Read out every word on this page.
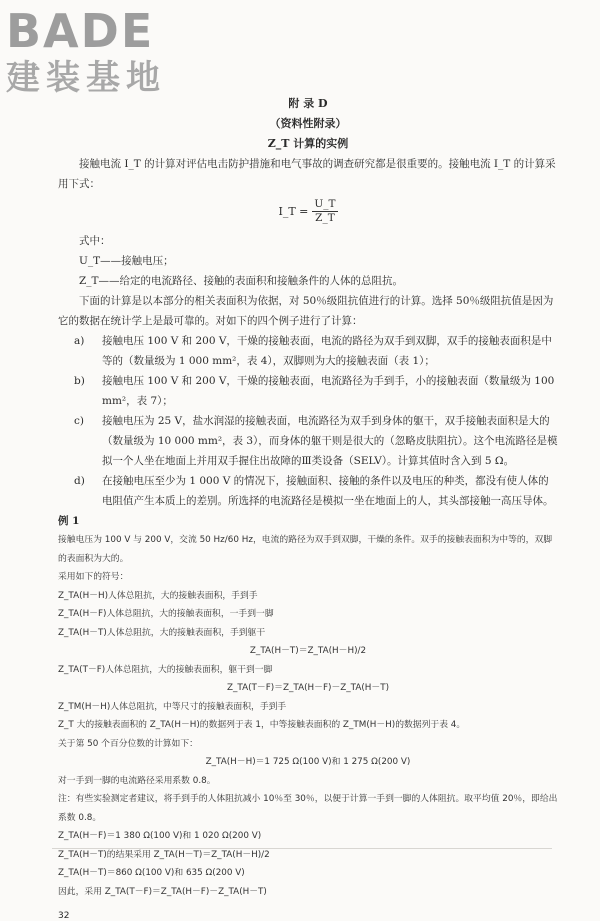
BADE
建装基地
附 录 D
（资料性附录）
Z_T 计算的实例

接触电流 I_T 的计算对评估电击防护措施和电气事故的调查研究都是很重要的。接触电流 I_T 的计算采用下式：

I_T = $\frac{U\_T}{Z\_T}$

式中：

U_T——接触电压；

Z_T——给定的电流路径、接触的表面积和接触条件的人体的总阻抗。

下面的计算是以本部分的相关表面积为依据，对 50％级阻抗值进行的计算。选择 50％级阻抗值是因为它的数据在统计学上是最可靠的。对如下的四个例子进行了计算：

a)	接触电压 100 V 和 200 V，干燥的接触表面，电流的路径为双手到双脚，双手的接触表面积是中等的（数量级为 1 000 mm²，表 4），双脚则为大的接触表面（表 1）；
b)	接触电压 100 V 和 200 V，干燥的接触表面，电流路径为手到手，小的接触表面（数量级为 100 mm²，表 7）；
c)	接触电压为 25 V，盐水润湿的接触表面，电流路径为双手到身体的躯干，双手接触表面积是大的（数量级为 10 000 mm²，表 3），而身体的躯干则是很大的（忽略皮肤阻抗）。这个电流路径是模拟一个人坐在地面上并用双手握住出故障的Ⅲ类设备（SELV）。计算其值时含入到 5 Ω。
d)	在接触电压至少为 1 000 V 的情况下，接触面积、接触的条件以及电压的种类，都没有使人体的电阻值产生本质上的差别。所选择的电流路径是模拟一坐在地面上的人，其头部接触一高压导体。

例 1

接触电压为 100 V 与 200 V，交流 50 Hz/60 Hz，电流的路径为双手到双脚，干燥的条件。双手的接触表面积为中等的，双脚的表面积为大的。

采用如下的符号：

Z_TA(H－H)人体总阻抗，大的接触表面积，手到手

Z_TA(H－F)人体总阻抗，大的接触表面积，一手到一脚

Z_TA(H－T)人体总阻抗，大的接触表面积，手到躯干

Z_TA(H－T)＝Z_TA(H－H)/2

Z_TA(T－F)人体总阻抗，大的接触表面积，躯干到一脚

Z_TA(T－F)＝Z_TA(H－F)－Z_TA(H－T)

Z_TM(H－H)人体总阻抗，中等尺寸的接触表面积，手到手

Z_T 大的接触表面积的 Z_TA(H－H)的数据列于表 1，中等接触表面积的 Z_TM(H－H)的数据列于表 4。

关于第 50 个百分位数的计算如下：

Z_TA(H－H)＝1 725 Ω(100 V)和 1 275 Ω(200 V)

对一手到一脚的电流路径采用系数 0.8。

注：有些实验测定者建议，将手到手的人体阻抗减小 10％至 30％，以便于计算一手到一脚的人体阻抗。取平均值 20％，即给出系数 0.8。

Z_TA(H－F)＝1 380 Ω(100 V)和 1 020 Ω(200 V)

Z_TA(H－T)的结果采用 Z_TA(H－T)＝Z_TA(H－H)/2

Z_TA(H－T)＝860 Ω(100 V)和 635 Ω(200 V)

因此，采用 Z_TA(T－F)＝Z_TA(H－F)－Z_TA(H－T)

32
